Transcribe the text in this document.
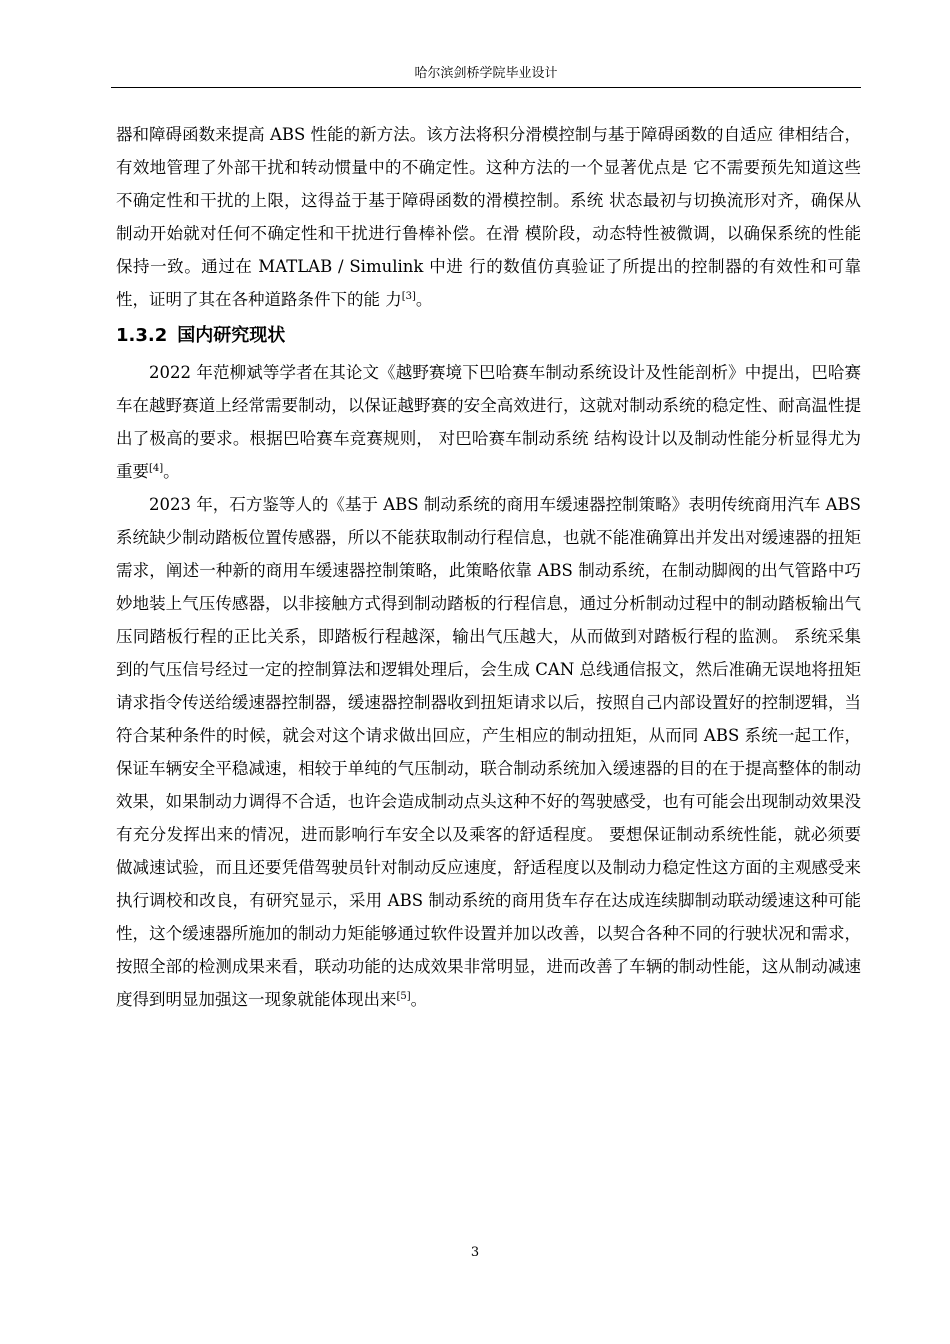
哈尔滨剑桥学院毕业设计

器和障碍函数来提高 ABS 性能的新方法。该方法将积分滑模控制与基于障碍函数的自适应 律相结合，有效地管理了外部干扰和转动惯量中的不确定性。这种方法的一个显著优点是 它不需要预先知道这些不确定性和干扰的上限，这得益于基于障碍函数的滑模控制。系统 状态最初与切换流形对齐，确保从制动开始就对任何不确定性和干扰进行鲁棒补偿。在滑 模阶段，动态特性被微调，以确保系统的性能保持一致。通过在 MATLAB / Simulink 中进 行的数值仿真验证了所提出的控制器的有效性和可靠性，证明了其在各种道路条件下的能 力[3]。

1.3.2 国内研究现状

2022 年范柳斌等学者在其论文《越野赛境下巴哈赛车制动系统设计及性能剖析》中提出，巴哈赛车在越野赛道上经常需要制动，以保证越野赛的安全高效进行，这就对制动系统的稳定性、耐高温性提出了极高的要求。根据巴哈赛车竞赛规则， 对巴哈赛车制动系统 结构设计以及制动性能分析显得尤为重要[4]。

2023 年，石方鉴等人的《基于 ABS 制动系统的商用车缓速器控制策略》表明传统商用汽车 ABS 系统缺少制动踏板位置传感器，所以不能获取制动行程信息，也就不能准确算出并发出对缓速器的扭矩需求，阐述一种新的商用车缓速器控制策略，此策略依靠 ABS 制动系统，在制动脚阀的出气管路中巧妙地装上气压传感器，以非接触方式得到制动踏板的行程信息，通过分析制动过程中的制动踏板输出气压同踏板行程的正比关系，即踏板行程越深，输出气压越大，从而做到对踏板行程的监测。 系统采集到的气压信号经过一定的控制算法和逻辑处理后，会生成 CAN 总线通信报文，然后准确无误地将扭矩请求指令传送给缓速器控制器，缓速器控制器收到扭矩请求以后，按照自己内部设置好的控制逻辑，当符合某种条件的时候，就会对这个请求做出回应，产生相应的制动扭矩，从而同 ABS 系统一起工作，保证车辆安全平稳减速，相较于单纯的气压制动，联合制动系统加入缓速器的目的在于提高整体的制动效果，如果制动力调得不合适，也许会造成制动点头这种不好的驾驶感受，也有可能会出现制动效果没有充分发挥出来的情况，进而影响行车安全以及乘客的舒适程度。 要想保证制动系统性能，就必须要做减速试验，而且还要凭借驾驶员针对制动反应速度，舒适程度以及制动力稳定性这方面的主观感受来执行调校和改良，有研究显示，采用 ABS 制动系统的商用货车存在达成连续脚制动联动缓速这种可能性，这个缓速器所施加的制动力矩能够通过软件设置并加以改善，以契合各种不同的行驶状况和需求，按照全部的检测成果来看，联动功能的达成效果非常明显，进而改善了车辆的制动性能，这从制动减速度得到明显加强这一现象就能体现出来[5]。

3
